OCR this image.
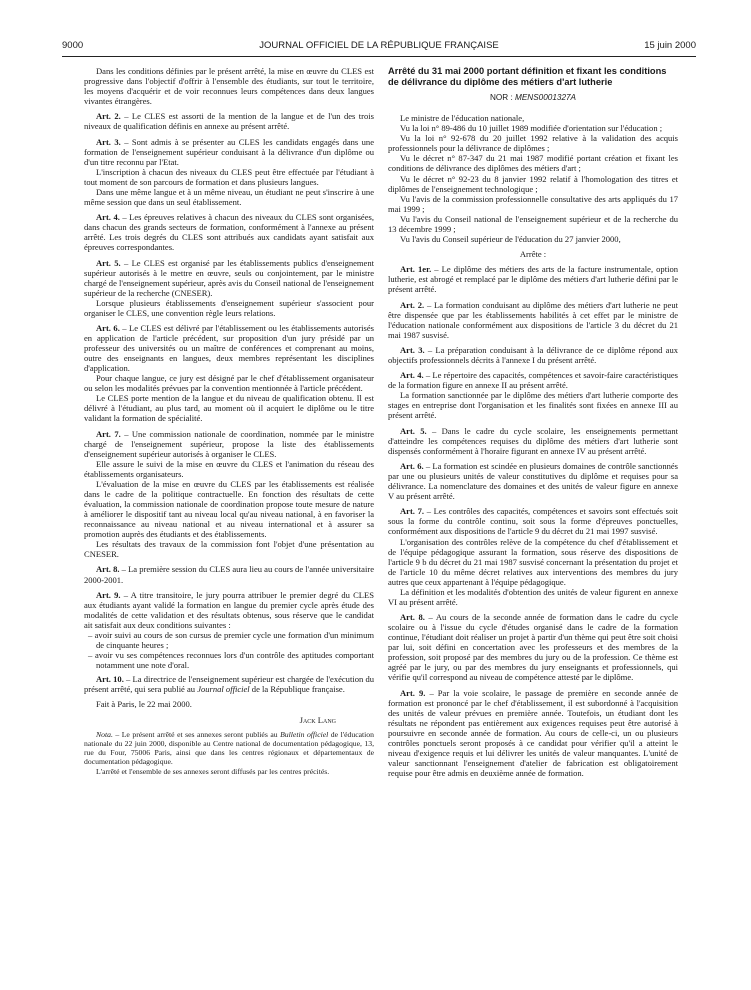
9000	JOURNAL OFFICIEL DE LA RÉPUBLIQUE FRANÇAISE	15 juin 2000

Dans les conditions définies par le présent arrêté, la mise en œuvre du CLES est progressive dans l'objectif d'offrir à l'ensemble des étudiants, sur tout le territoire, les moyens d'acquérir et de voir reconnues leurs compétences dans deux langues vivantes étrangères.

Art. 2. – Le CLES est assorti de la mention de la langue et de l'un des trois niveaux de qualification définis en annexe au présent arrêté.

Art. 3. – Sont admis à se présenter au CLES les candidats engagés dans une formation de l'enseignement supérieur conduisant à la délivrance d'un diplôme ou d'un titre reconnu par l'Etat.

L'inscription à chacun des niveaux du CLES peut être effectuée par l'étudiant à tout moment de son parcours de formation et dans plusieurs langues.

Dans une même langue et à un même niveau, un étudiant ne peut s'inscrire à une même session que dans un seul établissement.

Art. 4. – Les épreuves relatives à chacun des niveaux du CLES sont organisées, dans chacun des grands secteurs de formation, conformément à l'annexe au présent arrêté. Les trois degrés du CLES sont attribués aux candidats ayant satisfait aux épreuves correspondantes.

Art. 5. – Le CLES est organisé par les établissements publics d'enseignement supérieur autorisés à le mettre en œuvre, seuls ou conjointement, par le ministre chargé de l'enseignement supérieur, après avis du Conseil national de l'enseignement supérieur de la recherche (CNESER).

Lorsque plusieurs établissements d'enseignement supérieur s'associent pour organiser le CLES, une convention règle leurs relations.

Art. 6. – Le CLES est délivré par l'établissement ou les établissements autorisés en application de l'article précédent, sur proposition d'un jury présidé par un professeur des universités ou un maître de conférences et comprenant au moins, outre des enseignants en langues, deux membres représentant les disciplines d'application.

Pour chaque langue, ce jury est désigné par le chef d'établissement organisateur ou selon les modalités prévues par la convention mentionnée à l'article précédent.

Le CLES porte mention de la langue et du niveau de qualification obtenu. Il est délivré à l'étudiant, au plus tard, au moment où il acquiert le diplôme ou le titre validant la formation de spécialité.

Art. 7. – Une commission nationale de coordination, nommée par le ministre chargé de l'enseignement supérieur, propose la liste des établissements d'enseignement supérieur autorisés à organiser le CLES.

Elle assure le suivi de la mise en œuvre du CLES et l'animation du réseau des établissements organisateurs.

L'évaluation de la mise en œuvre du CLES par les établissements est réalisée dans le cadre de la politique contractuelle. En fonction des résultats de cette évaluation, la commission nationale de coordination propose toute mesure de nature à améliorer le dispositif tant au niveau local qu'au niveau national, à en favoriser la reconnaissance au niveau national et au niveau international et à assurer sa promotion auprès des étudiants et des établissements.

Les résultats des travaux de la commission font l'objet d'une présentation au CNESER.

Art. 8. – La première session du CLES aura lieu au cours de l'année universitaire 2000-2001.

Art. 9. – A titre transitoire, le jury pourra attribuer le premier degré du CLES aux étudiants ayant validé la formation en langue du premier cycle après étude des modalités de cette validation et des résultats obtenus, sous réserve que le candidat ait satisfait aux deux conditions suivantes :

– avoir suivi au cours de son cursus de premier cycle une formation d'un minimum de cinquante heures ;
– avoir vu ses compétences reconnues lors d'un contrôle des aptitudes comportant notamment une note d'oral.

Art. 10. – La directrice de l'enseignement supérieur est chargée de l'exécution du présent arrêté, qui sera publié au Journal officiel de la République française.

Fait à Paris, le 22 mai 2000.

Jack Lang

Nota. – Le présent arrêté et ses annexes seront publiés au Bulletin officiel de l'éducation nationale du 22 juin 2000, disponible au Centre national de documentation pédagogique, 13, rue du Four, 75006 Paris, ainsi que dans les centres régionaux et départementaux de documentation pédagogique.

L'arrêté et l'ensemble de ses annexes seront diffusés par les centres précités.

Arrêté du 31 mai 2000 portant définition et fixant les conditions de délivrance du diplôme des métiers d'art lutherie
NOR : MENS0001327A

Le ministre de l'éducation nationale,

Vu la loi n° 89-486 du 10 juillet 1989 modifiée d'orientation sur l'éducation ;

Vu la loi n° 92-678 du 20 juillet 1992 relative à la validation des acquis professionnels pour la délivrance de diplômes ;

Vu le décret n° 87-347 du 21 mai 1987 modifié portant création et fixant les conditions de délivrance des diplômes des métiers d'art ;

Vu le décret n° 92-23 du 8 janvier 1992 relatif à l'homologation des titres et diplômes de l'enseignement technologique ;

Vu l'avis de la commission professionnelle consultative des arts appliqués du 17 mai 1999 ;

Vu l'avis du Conseil national de l'enseignement supérieur et de la recherche du 13 décembre 1999 ;

Vu l'avis du Conseil supérieur de l'éducation du 27 janvier 2000,

Arrête :

Art. 1er. – Le diplôme des métiers des arts de la facture instrumentale, option lutherie, est abrogé et remplacé par le diplôme des métiers d'art lutherie défini par le présent arrêté.

Art. 2. – La formation conduisant au diplôme des métiers d'art lutherie ne peut être dispensée que par les établissements habilités à cet effet par le ministre de l'éducation nationale conformément aux dispositions de l'article 3 du décret du 21 mai 1987 susvisé.

Art. 3. – La préparation conduisant à la délivrance de ce diplôme répond aux objectifs professionnels décrits à l'annexe I du présent arrêté.

Art. 4. – Le répertoire des capacités, compétences et savoir-faire caractéristiques de la formation figure en annexe II au présent arrêté.

La formation sanctionnée par le diplôme des métiers d'art lutherie comporte des stages en entreprise dont l'organisation et les finalités sont fixées en annexe III au présent arrêté.

Art. 5. – Dans le cadre du cycle scolaire, les enseignements permettant d'atteindre les compétences requises du diplôme des métiers d'art lutherie sont dispensés conformément à l'horaire figurant en annexe IV au présent arrêté.

Art. 6. – La formation est scindée en plusieurs domaines de contrôle sanctionnés par une ou plusieurs unités de valeur constitutives du diplôme et requises pour sa délivrance. La nomenclature des domaines et des unités de valeur figure en annexe V au présent arrêté.

Art. 7. – Les contrôles des capacités, compétences et savoirs sont effectués soit sous la forme du contrôle continu, soit sous la forme d'épreuves ponctuelles, conformément aux dispositions de l'article 9 du décret du 21 mai 1997 susvisé.

L'organisation des contrôles relève de la compétence du chef d'établissement et de l'équipe pédagogique assurant la formation, sous réserve des dispositions de l'article 9 b du décret du 21 mai 1987 susvisé concernant la présentation du projet et de l'article 10 du même décret relatives aux interventions des membres du jury autres que ceux appartenant à l'équipe pédagogique.

La définition et les modalités d'obtention des unités de valeur figurent en annexe VI au présent arrêté.

Art. 8. – Au cours de la seconde année de formation dans le cadre du cycle scolaire ou à l'issue du cycle d'études organisé dans le cadre de la formation continue, l'étudiant doit réaliser un projet à partir d'un thème qui peut être soit choisi par lui, soit défini en concertation avec les professeurs et des membres de la profession, soit proposé par des membres du jury ou de la profession. Ce thème est agréé par le jury, ou par des membres du jury enseignants et professionnels, qui vérifie qu'il correspond au niveau de compétence attesté par le diplôme.

Art. 9. – Par la voie scolaire, le passage de première en seconde année de formation est prononcé par le chef d'établissement, il est subordonné à l'acquisition des unités de valeur prévues en première année. Toutefois, un étudiant dont les résultats ne répondent pas entièrement aux exigences requises peut être autorisé à poursuivre en seconde année de formation. Au cours de celle-ci, un ou plusieurs contrôles ponctuels seront proposés à ce candidat pour vérifier qu'il a atteint le niveau d'exigence requis et lui délivrer les unités de valeur manquantes. L'unité de valeur sanctionnant l'enseignement d'atelier de fabrication est obligatoirement requise pour être admis en deuxième année de formation.
